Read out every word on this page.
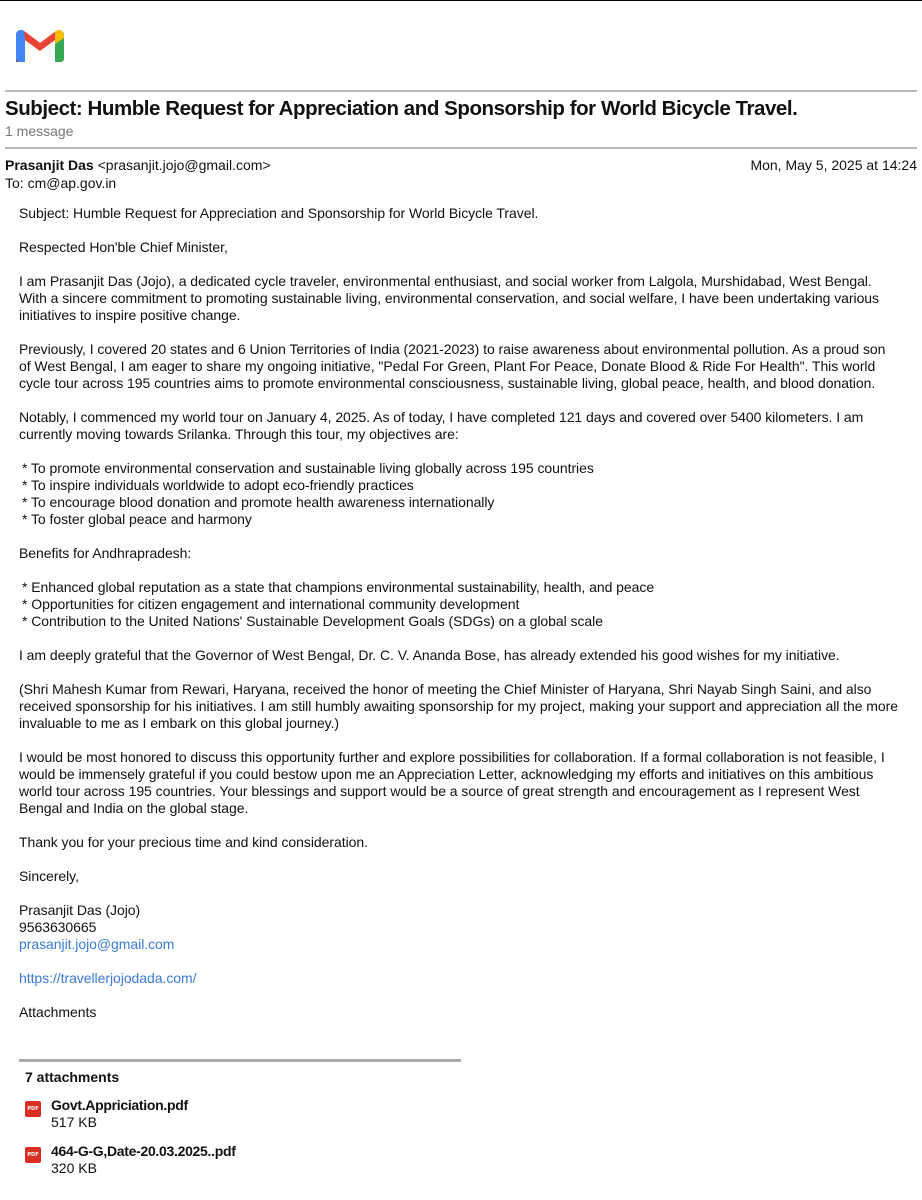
Subject: Humble Request for Appreciation and Sponsorship for World Bicycle Travel.
1 message
Prasanjit Das <prasanjit.jojo@gmail.com>	Mon, May 5, 2025 at 14:24
To: cm@ap.gov.in

Subject: Humble Request for Appreciation and Sponsorship for World Bicycle Travel.

Respected Hon'ble Chief Minister,

I am Prasanjit Das (Jojo), a dedicated cycle traveler, environmental enthusiast, and social worker from Lalgola, Murshidabad, West Bengal. With a sincere commitment to promoting sustainable living, environmental conservation, and social welfare, I have been undertaking various initiatives to inspire positive change.

Previously, I covered 20 states and 6 Union Territories of India (2021-2023) to raise awareness about environmental pollution. As a proud son of West Bengal, I am eager to share my ongoing initiative, "Pedal For Green, Plant For Peace, Donate Blood & Ride For Health". This world cycle tour across 195 countries aims to promote environmental consciousness, sustainable living, global peace, health, and blood donation.

Notably, I commenced my world tour on January 4, 2025. As of today, I have completed 121 days and covered over 5400 kilometers. I am currently moving towards Srilanka. Through this tour, my objectives are:

* To promote environmental conservation and sustainable living globally across 195 countries
* To inspire individuals worldwide to adopt eco-friendly practices
* To encourage blood donation and promote health awareness internationally
* To foster global peace and harmony

Benefits for Andhrapradesh:

* Enhanced global reputation as a state that champions environmental sustainability, health, and peace
* Opportunities for citizen engagement and international community development
* Contribution to the United Nations' Sustainable Development Goals (SDGs) on a global scale

I am deeply grateful that the Governor of West Bengal, Dr. C. V. Ananda Bose, has already extended his good wishes for my initiative.

(Shri Mahesh Kumar from Rewari, Haryana, received the honor of meeting the Chief Minister of Haryana, Shri Nayab Singh Saini, and also received sponsorship for his initiatives. I am still humbly awaiting sponsorship for my project, making your support and appreciation all the more invaluable to me as I embark on this global journey.)

I would be most honored to discuss this opportunity further and explore possibilities for collaboration. If a formal collaboration is not feasible, I would be immensely grateful if you could bestow upon me an Appreciation Letter, acknowledging my efforts and initiatives on this ambitious world tour across 195 countries. Your blessings and support would be a source of great strength and encouragement as I represent West Bengal and India on the global stage.

Thank you for your precious time and kind consideration.

Sincerely,

Prasanjit Das (Jojo)
9563630665

prasanjit.jojo@gmail.com

https://travellerjojodada.com/

Attachments

7 attachments
PDF Govt.Appriciation.pdf
517 KB
PDF 464-G-G,Date-20.03.2025..pdf
320 KB
